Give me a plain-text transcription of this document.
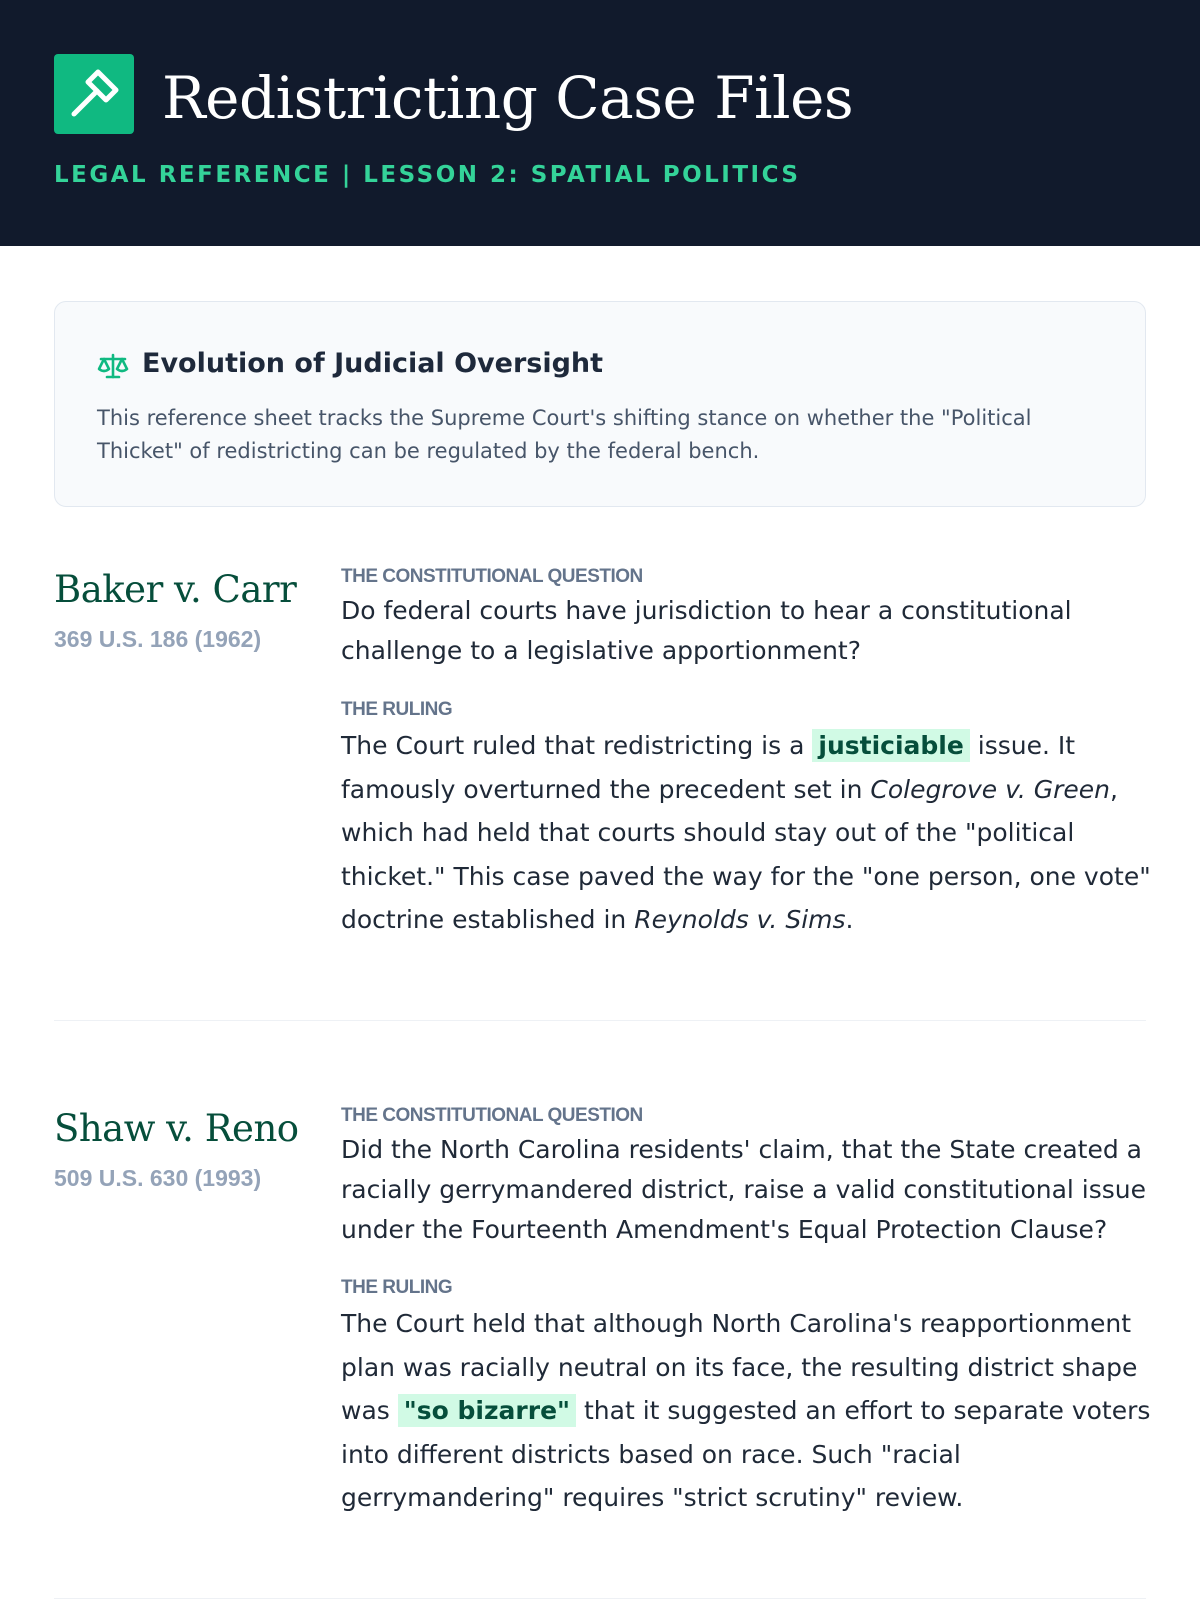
Redistricting Case Files
LEGAL REFERENCE | LESSON 2: SPATIAL POLITICS
Evolution of Judicial Oversight
This reference sheet tracks the Supreme Court's shifting stance on whether the "Political Thicket" of redistricting can be regulated by the federal bench.
Baker v. Carr
369 U.S. 186 (1962)
THE CONSTITUTIONAL QUESTION
Do federal courts have jurisdiction to hear a constitutional challenge to a legislative apportionment?
THE RULING
The Court ruled that redistricting is a justiciable issue. It famously overturned the precedent set in Colegrove v. Green, which had held that courts should stay out of the "political thicket." This case paved the way for the "one person, one vote" doctrine established in Reynolds v. Sims.
Shaw v. Reno
509 U.S. 630 (1993)
THE CONSTITUTIONAL QUESTION
Did the North Carolina residents' claim, that the State created a racially gerrymandered district, raise a valid constitutional issue under the Fourteenth Amendment's Equal Protection Clause?
THE RULING
The Court held that although North Carolina's reapportionment plan was racially neutral on its face, the resulting district shape was "so bizarre" that it suggested an effort to separate voters into different districts based on race. Such "racial gerrymandering" requires "strict scrutiny" review.
